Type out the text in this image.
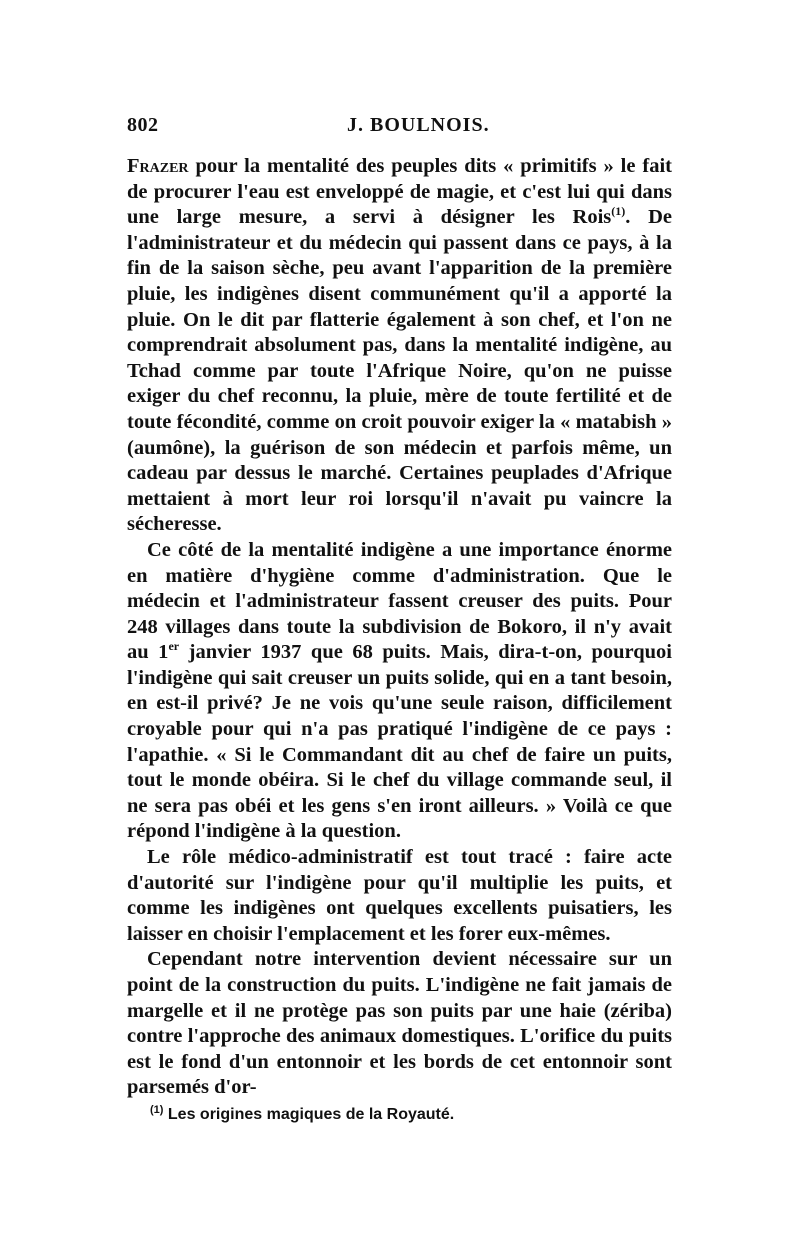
802	J. BOULNOIS.

Frazer pour la mentalité des peuples dits « primitifs » le fait de procurer l'eau est enveloppé de magie, et c'est lui qui dans une large mesure, a servi à désigner les Rois$^{(1)}$. De l'administrateur et du médecin qui passent dans ce pays, à la fin de la saison sèche, peu avant l'apparition de la première pluie, les indigènes disent communément qu'il a apporté la pluie. On le dit par flatterie également à son chef, et l'on ne comprendrait absolument pas, dans la mentalité indigène, au Tchad comme par toute l'Afrique Noire, qu'on ne puisse exiger du chef reconnu, la pluie, mère de toute fertilité et de toute fécondité, comme on croit pouvoir exiger la « matabish » (aumône), la guérison de son médecin et parfois même, un cadeau par dessus le marché. Certaines peuplades d'Afrique mettaient à mort leur roi lorsqu'il n'avait pu vaincre la sécheresse.

Ce côté de la mentalité indigène a une importance énorme en matière d'hygiène comme d'administration. Que le médecin et l'administrateur fassent creuser des puits. Pour 248 villages dans toute la subdivision de Bokoro, il n'y avait au 1er janvier 1937 que 68 puits. Mais, dira-t-on, pourquoi l'indigène qui sait creuser un puits solide, qui en a tant besoin, en est-il privé? Je ne vois qu'une seule raison, difficilement croyable pour qui n'a pas pratiqué l'indigène de ce pays : l'apathie. « Si le Commandant dit au chef de faire un puits, tout le monde obéira. Si le chef du village commande seul, il ne sera pas obéi et les gens s'en iront ailleurs. » Voilà ce que répond l'indigène à la question.

Le rôle médico-administratif est tout tracé : faire acte d'autorité sur l'indigène pour qu'il multiplie les puits, et comme les indigènes ont quelques excellents puisatiers, les laisser en choisir l'emplacement et les forer eux-mêmes.

Cependant notre intervention devient nécessaire sur un point de la construction du puits. L'indigène ne fait jamais de margelle et il ne protège pas son puits par une haie (zériba) contre l'approche des animaux domestiques. L'orifice du puits est le fond d'un entonnoir et les bords de cet entonnoir sont parsemés d'or-

$^{(1)}$ Les origines magiques de la Royauté.
